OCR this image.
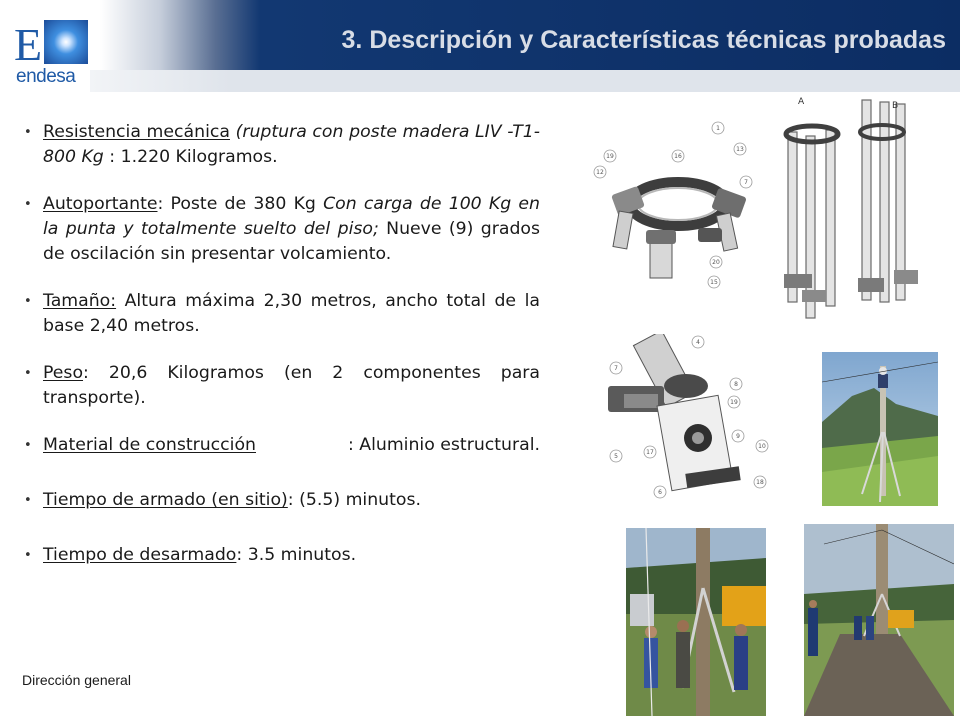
E
endesa
3. Descripción y Características técnicas probadas
• Resistencia mecánica (ruptura con poste madera LIV -T1- 800 Kg : 1.220 Kilogramos.
• Autoportante: Poste de 380 Kg Con carga de 100 Kg en la punta y totalmente suelto del piso; Nueve (9) grados de oscilación sin presentar volcamiento.
• Tamaño: Altura máxima 2,30 metros, ancho total de la base 2,40 metros.
• Peso: 20,6 Kilogramos (en 2 componentes para transporte).
• Material de construcción	: Aluminio estructural.
• Tiempo de armado (en sitio): (5.5) minutos.
• Tiempo de desarmado: 3.5 minutos.
1
19	16
13
12
7
20
15
A	B
4
7
8
19
9
10
5
17
18
6
Dirección general
